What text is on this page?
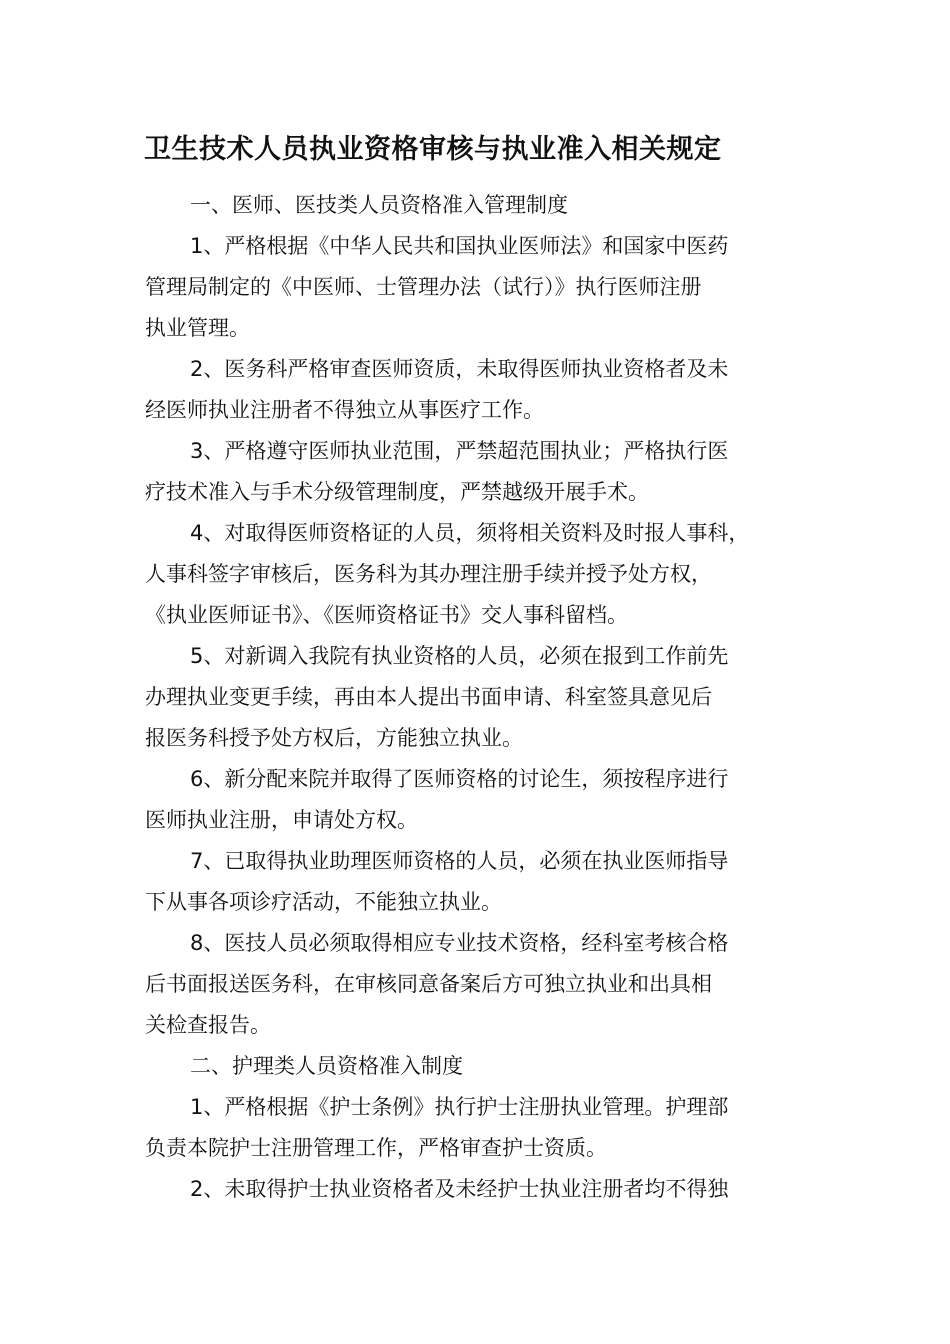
卫生技术人员执业资格审核与执业准入相关规定
一、医师、医技类人员资格准入管理制度
1、严格根据《中华人民共和国执业医师法》和国家中医药
管理局制定的《中医师、士管理办法（试行）》执行医师注册
执业管理。
2、医务科严格审查医师资质，未取得医师执业资格者及未
经医师执业注册者不得独立从事医疗工作。
3、严格遵守医师执业范围，严禁超范围执业；严格执行医
疗技术准入与手术分级管理制度，严禁越级开展手术。
4、对取得医师资格证的人员，须将相关资料及时报人事科，
人事科签字审核后，医务科为其办理注册手续并授予处方权，
《执业医师证书》、《医师资格证书》交人事科留档。
5、对新调入我院有执业资格的人员，必须在报到工作前先
办理执业变更手续，再由本人提出书面申请、科室签具意见后
报医务科授予处方权后，方能独立执业。
6、新分配来院并取得了医师资格的讨论生，须按程序进行
医师执业注册，申请处方权。
7、已取得执业助理医师资格的人员，必须在执业医师指导
下从事各项诊疗活动，不能独立执业。
8、医技人员必须取得相应专业技术资格，经科室考核合格
后书面报送医务科，在审核同意备案后方可独立执业和出具相
关检查报告。
二、护理类人员资格准入制度
1、严格根据《护士条例》执行护士注册执业管理。护理部
负责本院护士注册管理工作，严格审查护士资质。
2、未取得护士执业资格者及未经护士执业注册者均不得独
